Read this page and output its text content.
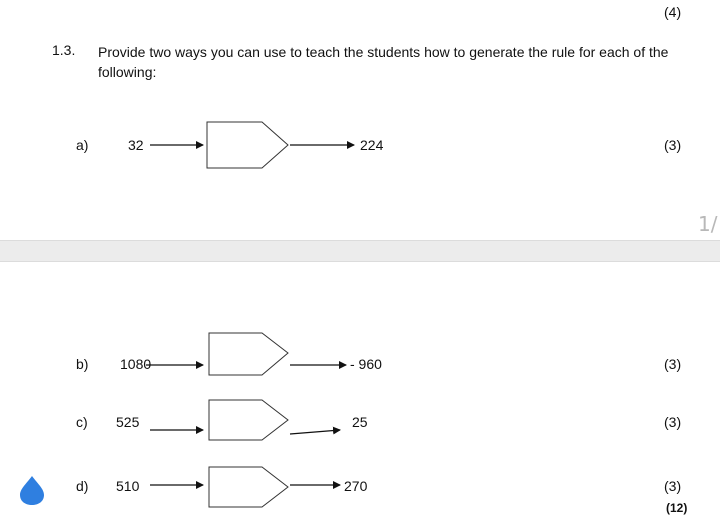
(4)
1.3. Provide two ways you can use to teach the students how to generate the rule for each of the following:
a)	32	224	(3)
1/
b) 1080	- 960	(3)
c) 525	25	(3)
d) 510	270	(3)
(12)
